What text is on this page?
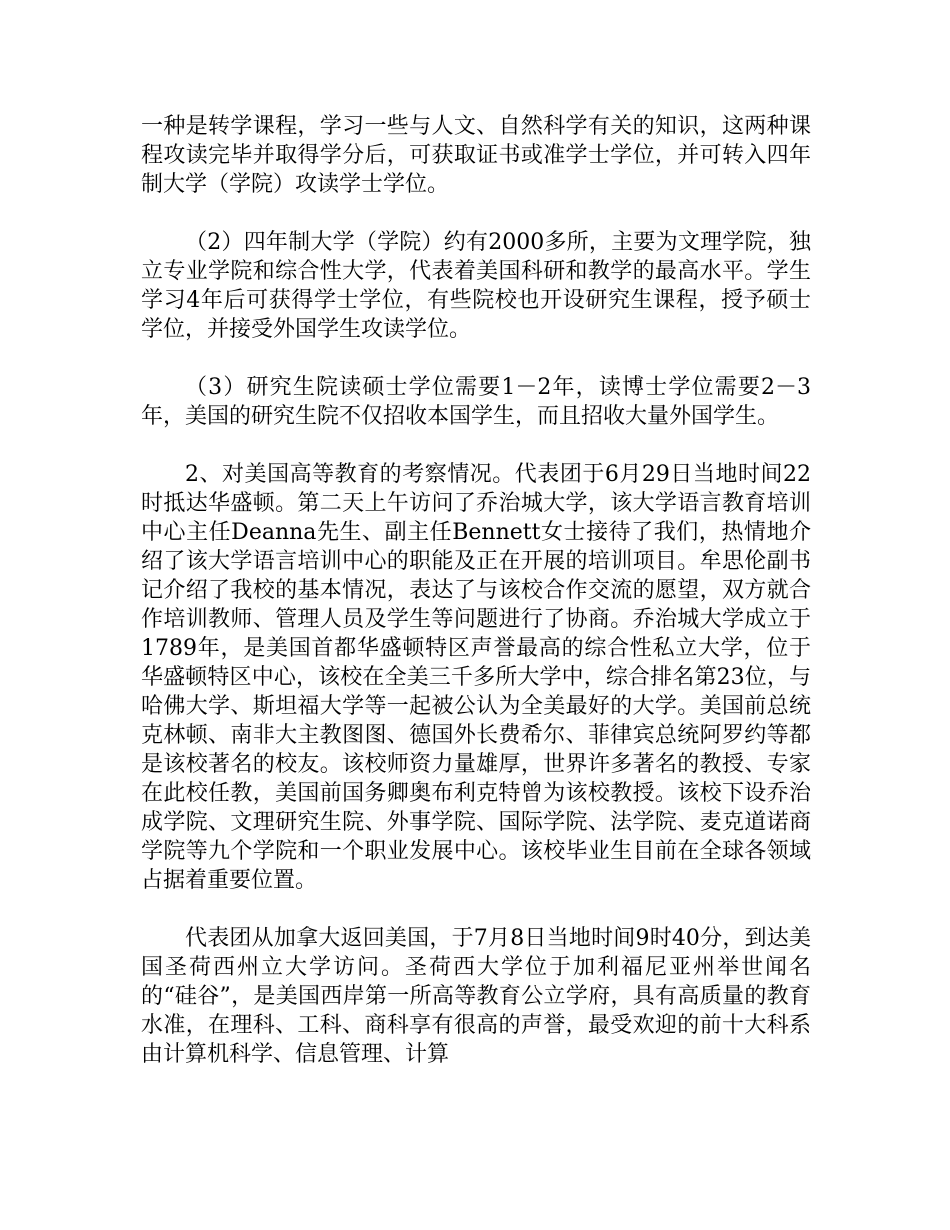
一种是转学课程，学习一些与人文、自然科学有关的知识，这两种课程攻读完毕并取得学分后，可获取证书或准学士学位，并可转入四年制大学（学院）攻读学士学位。

（2）四年制大学（学院）约有2000多所，主要为文理学院，独立专业学院和综合性大学，代表着美国科研和教学的最高水平。学生学习4年后可获得学士学位，有些院校也开设研究生课程，授予硕士学位，并接受外国学生攻读学位。

（3）研究生院读硕士学位需要1－2年，读博士学位需要2－3年，美国的研究生院不仅招收本国学生，而且招收大量外国学生。

2、对美国高等教育的考察情况。代表团于6月29日当地时间22时抵达华盛顿。第二天上午访问了乔治城大学，该大学语言教育培训中心主任Deanna先生、副主任Bennett女士接待了我们，热情地介绍了该大学语言培训中心的职能及正在开展的培训项目。牟思伦副书记介绍了我校的基本情况，表达了与该校合作交流的愿望，双方就合作培训教师、管理人员及学生等问题进行了协商。乔治城大学成立于1789年，是美国首都华盛顿特区声誉最高的综合性私立大学，位于华盛顿特区中心，该校在全美三千多所大学中，综合排名第23位，与哈佛大学、斯坦福大学等一起被公认为全美最好的大学。美国前总统克林顿、南非大主教图图、德国外长费希尔、菲律宾总统阿罗约等都是该校著名的校友。该校师资力量雄厚，世界许多著名的教授、专家在此校任教，美国前国务卿奥布利克特曾为该校教授。该校下设乔治成学院、文理研究生院、外事学院、国际学院、法学院、麦克道诺商学院等九个学院和一个职业发展中心。该校毕业生目前在全球各领域占据着重要位置。

代表团从加拿大返回美国，于7月8日当地时间9时40分，到达美国圣荷西州立大学访问。圣荷西大学位于加利福尼亚州举世闻名的“硅谷”，是美国西岸第一所高等教育公立学府，具有高质量的教育水准，在理科、工科、商科享有很高的声誉，最受欢迎的前十大科系由计算机科学、信息管理、计算
